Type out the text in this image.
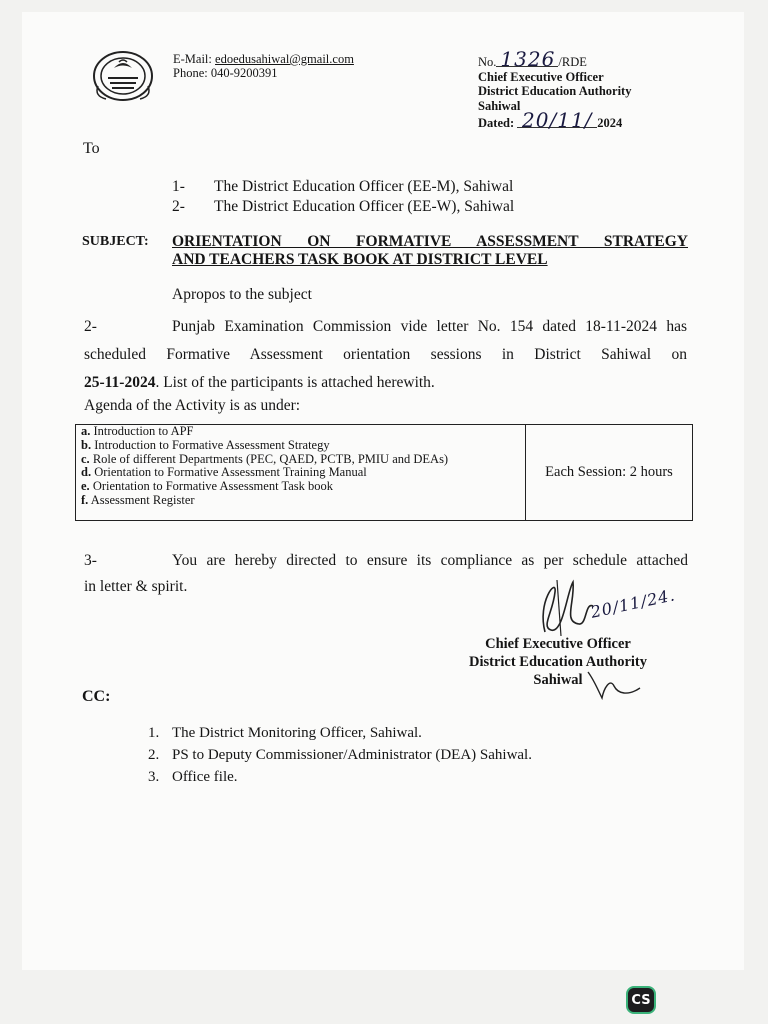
E-Mail: edoedusahiwal@gmail.com
Phone: 040-9200391
No. 1326 /RDE
Chief Executive Officer
District Education Authority
Sahiwal
Dated: 20/11/ 2024
To
1- The District Education Officer (EE-M), Sahiwal
2- The District Education Officer (EE-W), Sahiwal
SUBJECT: ORIENTATION ON FORMATIVE ASSESSMENT STRATEGY
AND TEACHERS TASK BOOK AT DISTRICT LEVEL
Apropos to the subject
2-	Punjab Examination Commission vide letter No. 154 dated 18-11-2024 has
scheduled Formative Assessment orientation sessions in District Sahiwal on
25-11-2024. List of the participants is attached herewith.
Agenda of the Activity is as under:
a. Introduction to APF
b. Introduction to Formative Assessment Strategy
c. Role of different Departments (PEC, QAED, PCTB, PMIU and DEAs)
d. Orientation to Formative Assessment Training Manual
e. Orientation to Formative Assessment Task book
f. Assessment Register
	Each Session: 2 hours
3-	You are hereby directed to ensure its compliance as per schedule attached
in letter & spirit.	20/11/24.
Chief Executive Officer
District Education Authority
Sahiwal
CC:
1. The District Monitoring Officer, Sahiwal.
2. PS to Deputy Commissioner/Administrator (DEA) Sahiwal.
3. Office file.
CS
